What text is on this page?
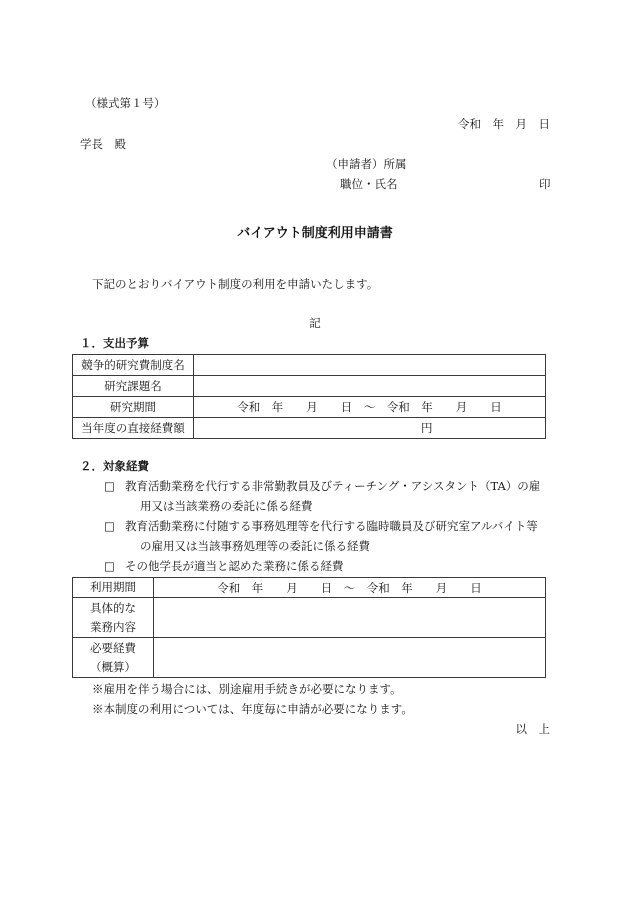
（様式第１号）
令和　年　月　日
学長　殿
（申請者）所属
職位・氏名	印
バイアウト制度利用申請書
下記のとおりバイアウト制度の利用を申請いたします。
記
１．支出予算
競争的研究費制度名	
研究課題名	
研究期間	令和　年　　月　　日　～　令和　年　　月　　日
当年度の直接経費額	円
２．対象経費
□ 教育活動業務を代行する非常勤教員及びティーチング・アシスタント（TA）の雇
用又は当該業務の委託に係る経費
□ 教育活動業務に付随する事務処理等を代行する臨時職員及び研究室アルバイト等
の雇用又は当該事務処理等の委託に係る経費
□ その他学長が適当と認めた業務に係る経費
利用期間	令和　年　　月　　日　～　令和　年　　月　　日

具体的な
業務内容	

必要経費
（概算）	

※雇用を伴う場合には、別途雇用手続きが必要になります。
※本制度の利用については、年度毎に申請が必要になります。
以　上
